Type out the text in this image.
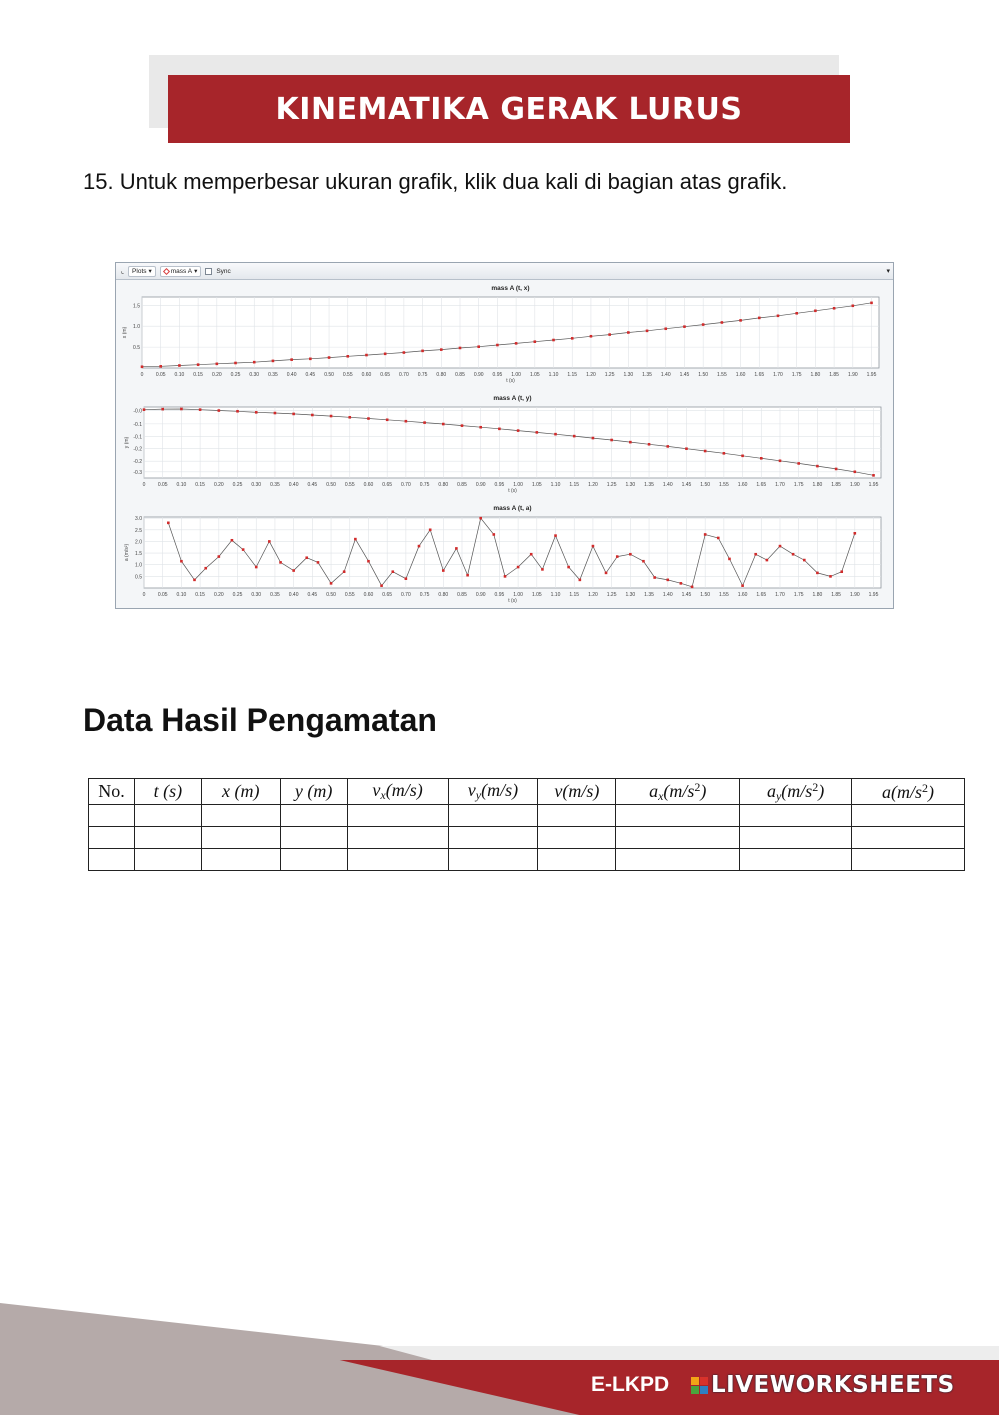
KINEMATIKA GERAK LURUS

15. Untuk memperbesar ukuran grafik, klik dua kali di bagian atas grafik.

⌞ Plots ▾	mass A ▾	Sync	▾
mass A (t, x)
0 0.05 0.10 0.15 0.20 0.25 0.30 0.35 0.40 0.45 0.50 0.55 0.60 0.65 0.70 0.75 0.80 0.85 0.90 0.95 1.00 1.05 1.10 1.15 1.20 1.25 1.30 1.35 1.40 1.45 1.50 1.55 1.60 1.65 1.70 1.75 1.80 1.85 1.90 1.95
t (s)
0.5
1.0
1.5
x (m)
mass A (t, y)
0 0.05 0.10 0.15 0.20 0.25 0.30 0.35 0.40 0.45 0.50 0.55 0.60 0.65 0.70 0.75 0.80 0.85 0.90 0.95 1.00 1.05 1.10 1.15 1.20 1.25 1.30 1.35 1.40 1.45 1.50 1.55 1.60 1.65 1.70 1.75 1.80 1.85 1.90 1.95
t (s)
-0.0
-0.1
-0.1
-0.2
-0.2
-0.3
y (m)
mass A (t, a)
0 0.05 0.10 0.15 0.20 0.25 0.30 0.35 0.40 0.45 0.50 0.55 0.60 0.65 0.70 0.75 0.80 0.85 0.90 0.95 1.00 1.05 1.10 1.15 1.20 1.25 1.30 1.35 1.40 1.45 1.50 1.55 1.60 1.65 1.70 1.75 1.80 1.85 1.90 1.95
t (s)
0.5
1.0
1.5
2.0
2.5
3.0
a (m/s²)
Data Hasil Pengamatan
No.	t (s)	x (m)	y (m)	$v_x(m/s)$	$v_y(m/s)$	v(m/s)	$a_x(m/s^2)$	$a_y(m/s^2)$	$a(m/s^2)$

E-LKPD LIVEWORKSHEETS
